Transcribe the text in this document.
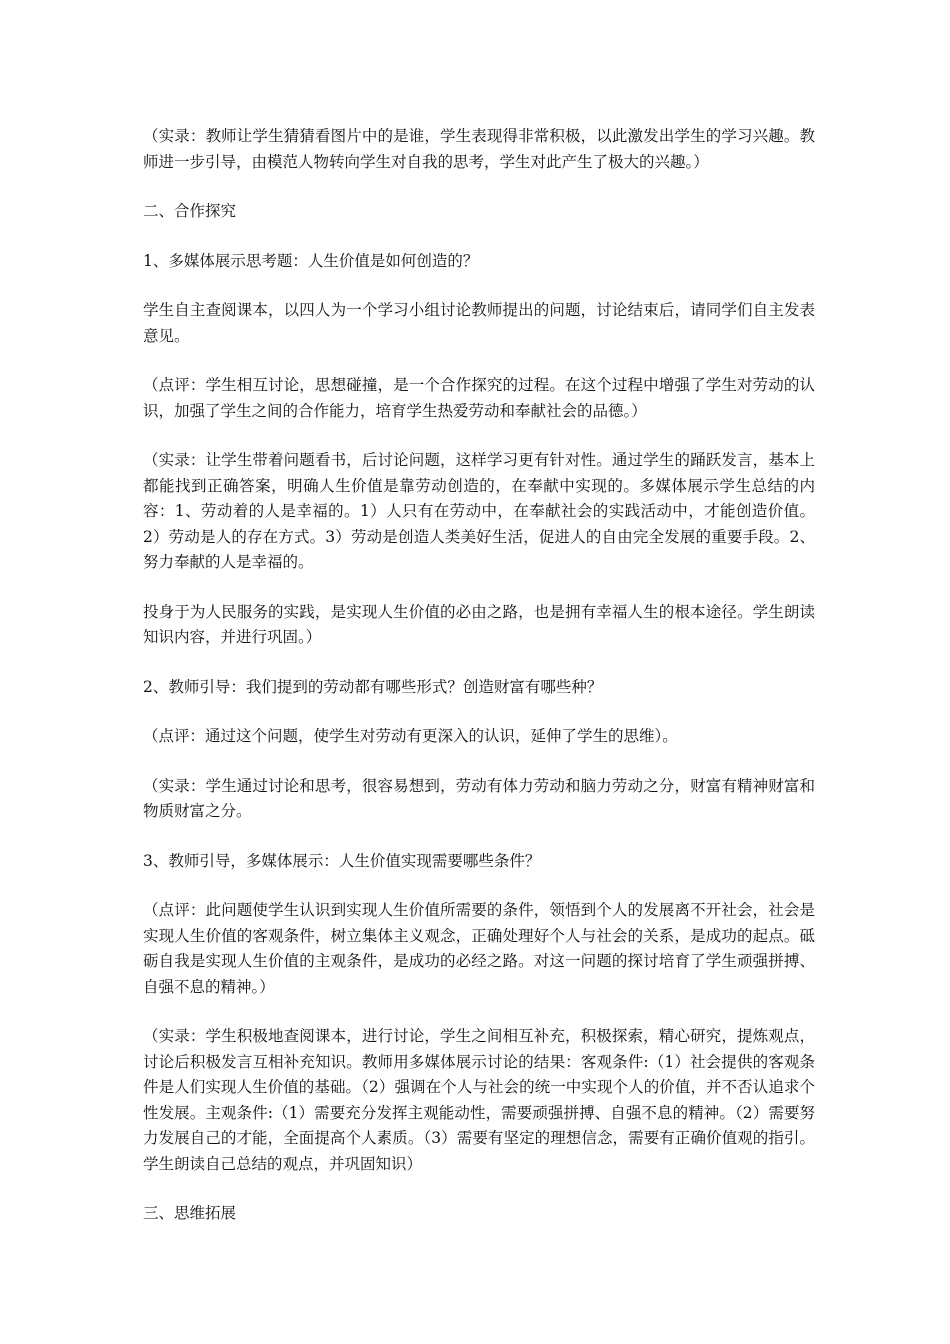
（实录：教师让学生猜猜看图片中的是谁，学生表现得非常积极，以此激发出学生的学习兴趣。教师进一步引导，由模范人物转向学生对自我的思考，学生对此产生了极大的兴趣。）

二、合作探究

1、多媒体展示思考题：人生价值是如何创造的？

学生自主查阅课本，以四人为一个学习小组讨论教师提出的问题，讨论结束后，请同学们自主发表意见。

（点评：学生相互讨论，思想碰撞，是一个合作探究的过程。在这个过程中增强了学生对劳动的认识，加强了学生之间的合作能力，培育学生热爱劳动和奉献社会的品德。）

（实录：让学生带着问题看书，后讨论问题，这样学习更有针对性。通过学生的踊跃发言，基本上都能找到正确答案，明确人生价值是靠劳动创造的，在奉献中实现的。多媒体展示学生总结的内容：1、劳动着的人是幸福的。1）人只有在劳动中，在奉献社会的实践活动中，才能创造价值。2）劳动是人的存在方式。3）劳动是创造人类美好生活，促进人的自由完全发展的重要手段。2、努力奉献的人是幸福的。

投身于为人民服务的实践，是实现人生价值的必由之路，也是拥有幸福人生的根本途径。学生朗读知识内容，并进行巩固。）

2、教师引导：我们提到的劳动都有哪些形式？创造财富有哪些种？

（点评：通过这个问题，使学生对劳动有更深入的认识，延伸了学生的思维）。

（实录：学生通过讨论和思考，很容易想到，劳动有体力劳动和脑力劳动之分，财富有精神财富和物质财富之分。

3、教师引导，多媒体展示：人生价值实现需要哪些条件？

（点评：此问题使学生认识到实现人生价值所需要的条件，领悟到个人的发展离不开社会，社会是实现人生价值的客观条件，树立集体主义观念，正确处理好个人与社会的关系，是成功的起点。砥砺自我是实现人生价值的主观条件，是成功的必经之路。对这一问题的探讨培育了学生顽强拼搏、自强不息的精神。）

（实录：学生积极地查阅课本，进行讨论，学生之间相互补充，积极探索，精心研究，提炼观点，讨论后积极发言互相补充知识。教师用多媒体展示讨论的结果：客观条件:（1）社会提供的客观条件是人们实现人生价值的基础。（2）强调在个人与社会的统一中实现个人的价值，并不否认追求个性发展。主观条件:（1）需要充分发挥主观能动性，需要顽强拼搏、自强不息的精神。（2）需要努力发展自己的才能，全面提高个人素质。（3）需要有坚定的理想信念，需要有正确价值观的指引。学生朗读自己总结的观点，并巩固知识）

三、思维拓展
